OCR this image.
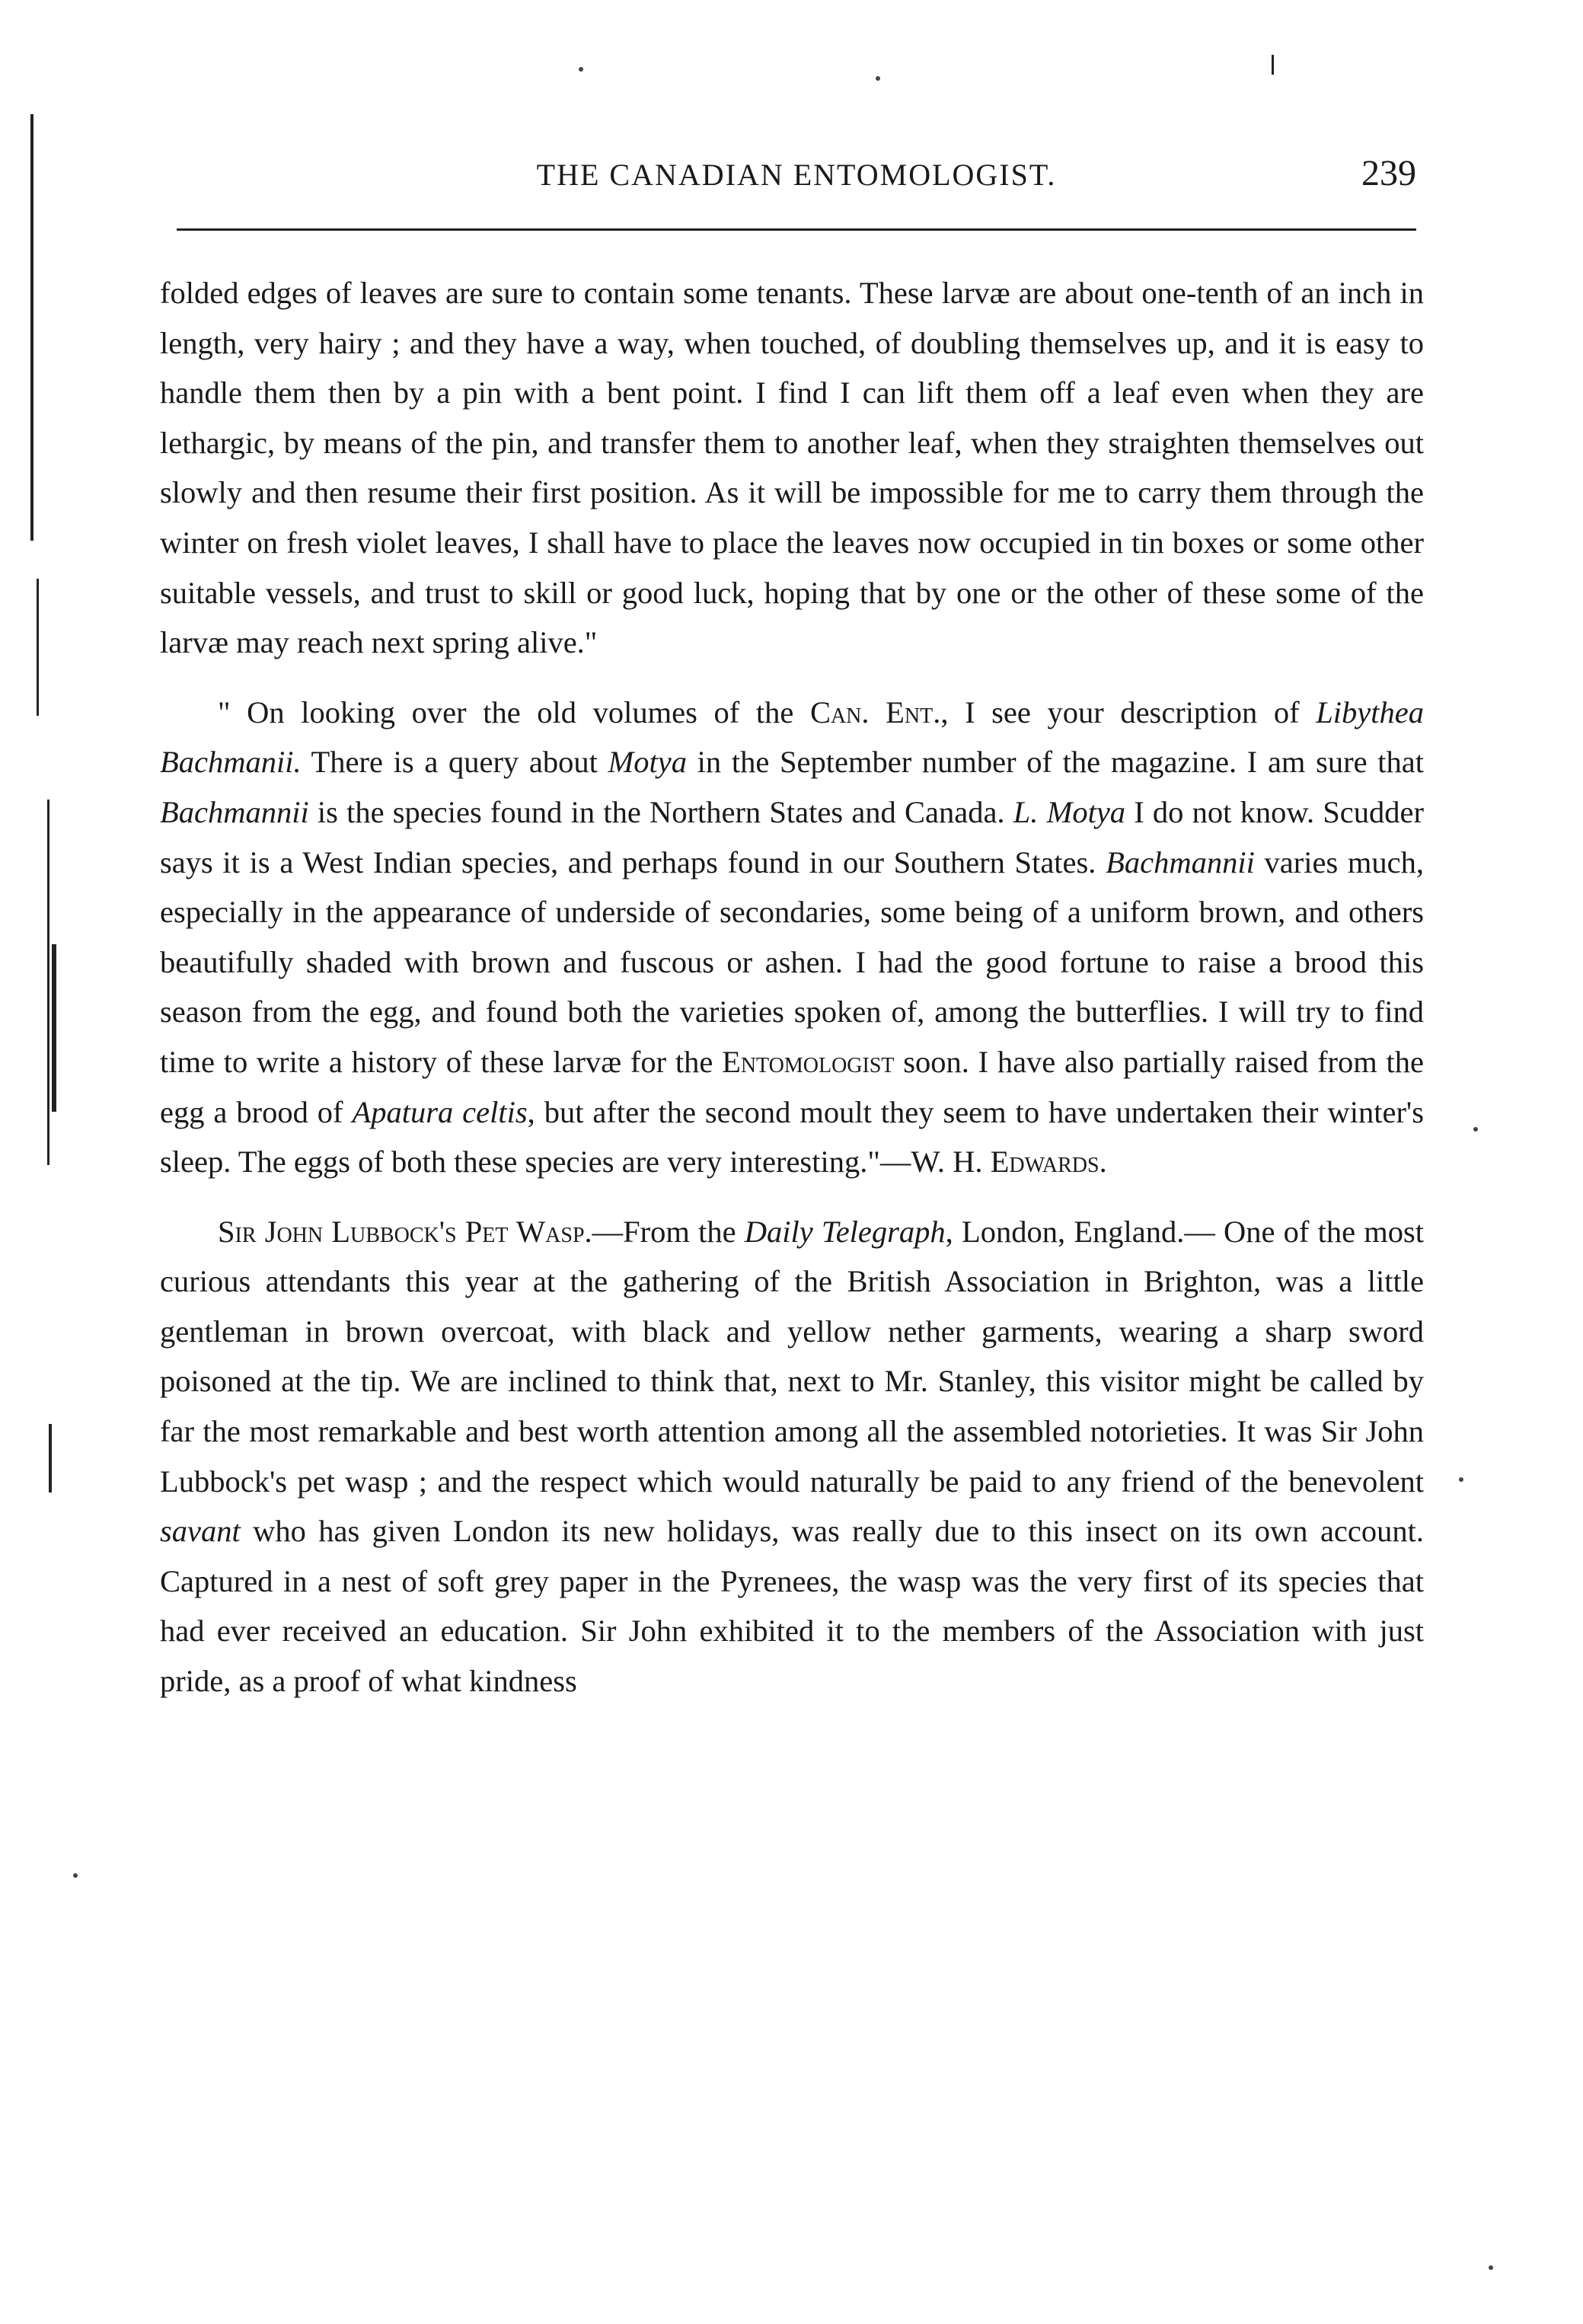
THE CANADIAN ENTOMOLOGIST.	239

folded edges of leaves are sure to contain some tenants. These larvæ are about one-tenth of an inch in length, very hairy ; and they have a way, when touched, of doubling themselves up, and it is easy to handle them then by a pin with a bent point. I find I can lift them off a leaf even when they are lethargic, by means of the pin, and transfer them to another leaf, when they straighten themselves out slowly and then resume their first position. As it will be impossible for me to carry them through the winter on fresh violet leaves, I shall have to place the leaves now occupied in tin boxes or some other suitable vessels, and trust to skill or good luck, hoping that by one or the other of these some of the larvæ may reach next spring alive."

" On looking over the old volumes of the Can. Ent., I see your description of Libythea Bachmanii. There is a query about Motya in the September number of the magazine. I am sure that Bachmannii is the species found in the Northern States and Canada. L. Motya I do not know. Scudder says it is a West Indian species, and perhaps found in our Southern States. Bachmannii varies much, especially in the appearance of underside of secondaries, some being of a uniform brown, and others beautifully shaded with brown and fuscous or ashen. I had the good fortune to raise a brood this season from the egg, and found both the varieties spoken of, among the butterflies. I will try to find time to write a history of these larvæ for the Entomologist soon. I have also partially raised from the egg a brood of Apatura celtis, but after the second moult they seem to have undertaken their winter's sleep. The eggs of both these species are very interesting."—W. H. Edwards.

Sir John Lubbock's Pet Wasp.—From the Daily Telegraph, London, England.— One of the most curious attendants this year at the gathering of the British Association in Brighton, was a little gentleman in brown overcoat, with black and yellow nether garments, wearing a sharp sword poisoned at the tip. We are inclined to think that, next to Mr. Stanley, this visitor might be called by far the most remarkable and best worth attention among all the assembled notorieties. It was Sir John Lubbock's pet wasp ; and the respect which would naturally be paid to any friend of the benevolent savant who has given London its new holidays, was really due to this insect on its own account. Captured in a nest of soft grey paper in the Pyrenees, the wasp was the very first of its species that had ever received an education. Sir John exhibited it to the members of the Association with just pride, as a proof of what kindness
